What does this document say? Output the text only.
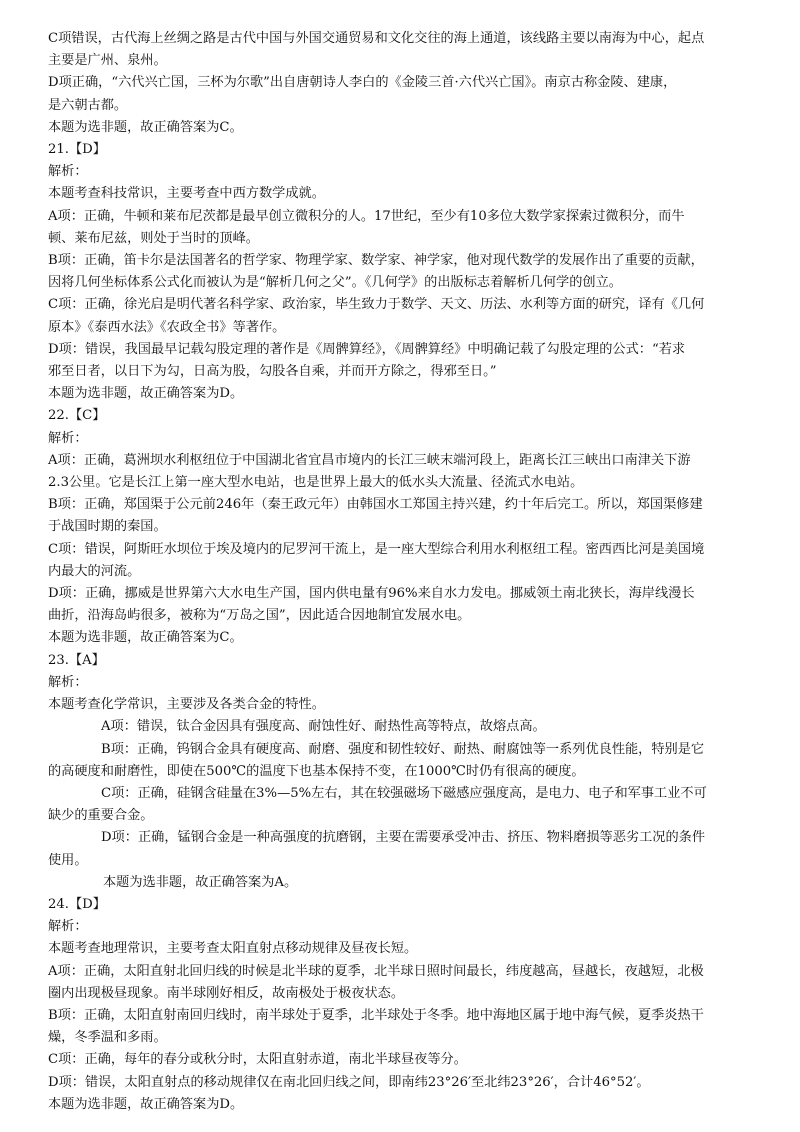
C项错误，古代海上丝绸之路是古代中国与外国交通贸易和文化交往的海上通道，该线路主要以南海为中心，起点
主要是广州、泉州。
D项正确，“六代兴亡国，三杯为尔歌”出自唐朝诗人李白的《金陵三首·六代兴亡国》。南京古称金陵、建康，
是六朝古都。
本题为选非题，故正确答案为C。
21.【D】
解析：
本题考查科技常识，主要考查中西方数学成就。
A项：正确，牛顿和莱布尼茨都是最早创立微积分的人。17世纪，至少有10多位大数学家探索过微积分，而牛
顿、莱布尼兹，则处于当时的顶峰。
B项：正确，笛卡尔是法国著名的哲学家、物理学家、数学家、神学家，他对现代数学的发展作出了重要的贡献，
因将几何坐标体系公式化而被认为是“解析几何之父”。《几何学》的出版标志着解析几何学的创立。
C项：正确，徐光启是明代著名科学家、政治家，毕生致力于数学、天文、历法、水利等方面的研究，译有《几何
原本》《泰西水法》《农政全书》等著作。
D项：错误，我国最早记载勾股定理的著作是《周髀算经》，《周髀算经》中明确记载了勾股定理的公式：“若求
邪至日者，以日下为勾，日高为股，勾股各自乘，并而开方除之，得邪至日。”
本题为选非题，故正确答案为D。
22.【C】
解析：
A项：正确，葛洲坝水利枢纽位于中国湖北省宜昌市境内的长江三峡末端河段上，距离长江三峡出口南津关下游
2.3公里。它是长江上第一座大型水电站，也是世界上最大的低水头大流量、径流式水电站。
B项：正确，郑国渠于公元前246年（秦王政元年）由韩国水工郑国主持兴建，约十年后完工。所以，郑国渠修建
于战国时期的秦国。
C项：错误，阿斯旺水坝位于埃及境内的尼罗河干流上，是一座大型综合利用水利枢纽工程。密西西比河是美国境
内最大的河流。
D项：正确，挪威是世界第六大水电生产国，国内供电量有96%来自水力发电。挪威领土南北狭长，海岸线漫长
曲折，沿海岛屿很多，被称为“万岛之国”，因此适合因地制宜发展水电。
本题为选非题，故正确答案为C。
23.【A】
解析：
本题考查化学常识，主要涉及各类合金的特性。
A项：错误，钛合金因具有强度高、耐蚀性好、耐热性高等特点，故熔点高。
B项：正确，钨钢合金具有硬度高、耐磨、强度和韧性较好、耐热、耐腐蚀等一系列优良性能，特别是它
的高硬度和耐磨性，即使在500℃的温度下也基本保持不变，在1000℃时仍有很高的硬度。
C项：正确，硅钢含硅量在3%—5%左右，其在较强磁场下磁感应强度高，是电力、电子和军事工业不可
缺少的重要合金。
D项：正确，锰钢合金是一种高强度的抗磨钢，主要在需要承受冲击、挤压、物料磨损等恶劣工况的条件
使用。
本题为选非题，故正确答案为A。
24.【D】
解析：
本题考查地理常识，主要考查太阳直射点移动规律及昼夜长短。
A项：正确，太阳直射北回归线的时候是北半球的夏季，北半球日照时间最长，纬度越高，昼越长，夜越短，北极
圈内出现极昼现象。南半球刚好相反，故南极处于极夜状态。
B项：正确，太阳直射南回归线时，南半球处于夏季，北半球处于冬季。地中海地区属于地中海气候，夏季炎热干
燥，冬季温和多雨。
C项：正确，每年的春分或秋分时，太阳直射赤道，南北半球昼夜等分。
D项：错误，太阳直射点的移动规律仅在南北回归线之间，即南纬23°26′至北纬23°26′，合计46°52′。
本题为选非题，故正确答案为D。
